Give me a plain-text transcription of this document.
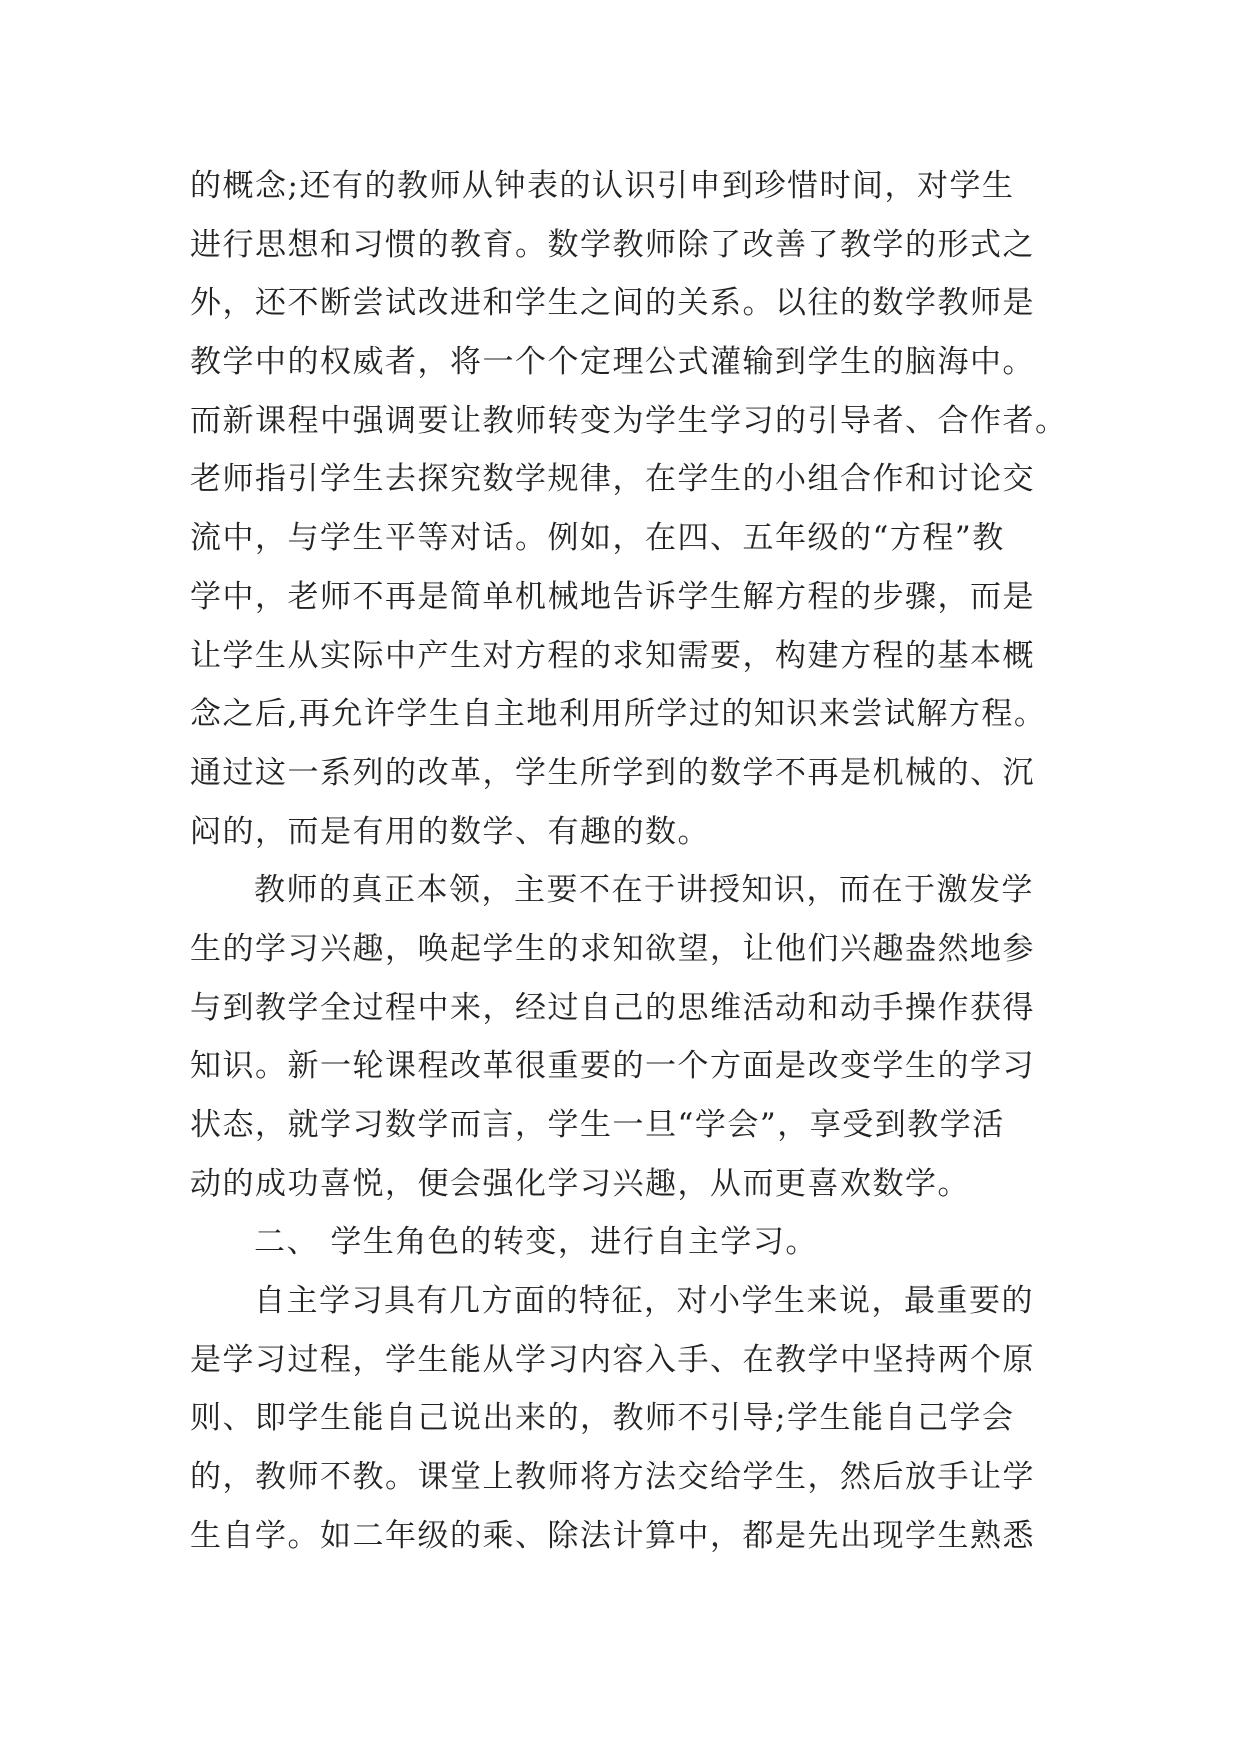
的概念;还有的教师从钟表的认识引申到珍惜时间，对学生
进行思想和习惯的教育。数学教师除了改善了教学的形式之
外，还不断尝试改进和学生之间的关系。以往的数学教师是
教学中的权威者，将一个个定理公式灌输到学生的脑海中。
而新课程中强调要让教师转变为学生学习的引导者、合作者。
老师指引学生去探究数学规律，在学生的小组合作和讨论交
流中，与学生平等对话。例如，在四、五年级的“方程”教
学中，老师不再是简单机械地告诉学生解方程的步骤，而是
让学生从实际中产生对方程的求知需要，构建方程的基本概
念之后,再允许学生自主地利用所学过的知识来尝试解方程。
通过这一系列的改革，学生所学到的数学不再是机械的、沉
闷的，而是有用的数学、有趣的数。
教师的真正本领，主要不在于讲授知识，而在于激发学
生的学习兴趣，唤起学生的求知欲望，让他们兴趣盎然地参
与到教学全过程中来，经过自己的思维活动和动手操作获得
知识。新一轮课程改革很重要的一个方面是改变学生的学习
状态，就学习数学而言，学生一旦“学会”，享受到教学活
动的成功喜悦，便会强化学习兴趣，从而更喜欢数学。
二、 学生角色的转变，进行自主学习。
自主学习具有几方面的特征，对小学生来说，最重要的
是学习过程，学生能从学习内容入手、在教学中坚持两个原
则、即学生能自己说出来的，教师不引导;学生能自己学会
的，教师不教。课堂上教师将方法交给学生，然后放手让学
生自学。如二年级的乘、除法计算中，都是先出现学生熟悉
